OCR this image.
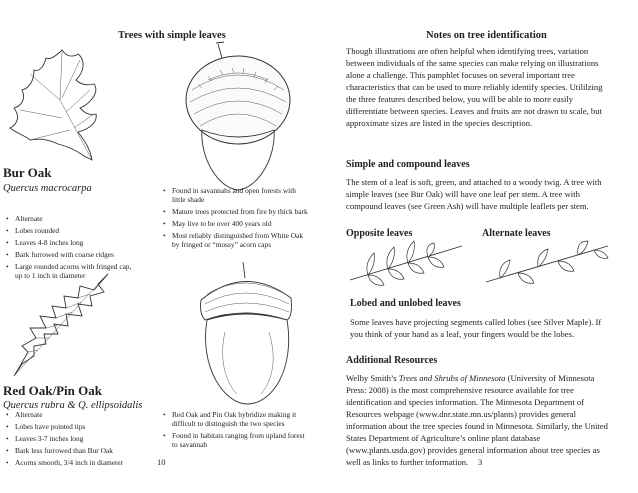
Trees with simple leaves
Bur Oak
Quercus macrocarpa
• Alternate
• Lobes rounded
• Leaves 4-8 inches long
• Bark furrowed with coarse ridges
• Large rounded acorns with fringed cap, up to 1 inch in diameter
• Found in savannahs and open forests with little shade
• Mature trees protected from fire by thick bark
• May live to be over 400 years old
• Most reliably distinguished from White Oak by fringed or “mossy” acorn caps
Red Oak/Pin Oak
Quercus rubra & Q. ellipsoidalis
• Alternate
• Lobes have pointed tips
• Leaves 3-7 inches long
• Bark less furrowed than Bur Oak
• Acorns smooth, 3/4 inch in diameter
• Red Oak and Pin Oak hybridize making it difficult to distinguish the two species
• Found in habitats ranging from upland forest to savannah
10
Notes on tree identification
Though illustrations are often helpful when identifying trees, variation between individuals of the same species can make relying on illustrations alone a challenge. This pamphlet focuses on several important tree characteristics that can be used to more reliably identify species. Utililzing the three features described below, you will be able to more easily differentiate between species. Leaves and fruits are not drawn to scale, but approximate sizes are listed in the species description.
Simple and compound leaves
The stem of a leaf is soft, green, and attached to a woody twig. A tree with simple leaves (see Bur Oak) will have one leaf per stem. A tree with compound leaves (see Green Ash) will have multiple leaflets per stem.
Opposite leaves	Alternate leaves
Lobed and unlobed leaves
Some leaves have projecting segments called lobes (see Silver Maple). If you think of your hand as a leaf, your fingers would be the lobes.
Additional Resources
Welby Smith’s Trees and Shrubs of Minnesota (University of Minnesota Press: 2008) is the most comprehensive resource available for tree identification and species information. The Minnesota Department of Resources webpage (www.dnr.state.mn.us/plants) provides general information about the tree species found in Minnesota. Similarly, the United States Department of Agriculture’s online plant database (www.plants.usda.gov) provides general information about tree species as well as links to further information.	3
